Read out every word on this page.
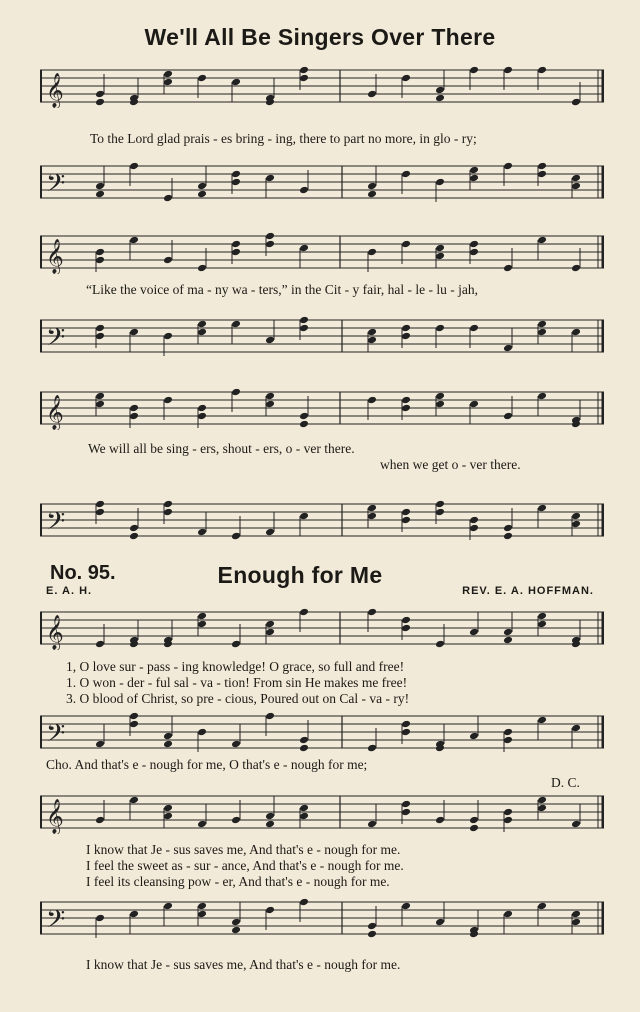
We'll All Be Singers Over There
𝄞
To the Lord glad prais - es bring - ing, there to part no more, in glo - ry;
𝄢
𝄞
“Like the voice of ma - ny wa - ters,” in the Cit - y fair, hal - le - lu - jah,
𝄢
𝄞
We will all be sing - ers, shout - ers, o - ver there.
when we get o - ver there.
𝄢
No. 95.	Enough for Me
E. A. H.	REV. E. A. HOFFMAN.
𝄞
1, O love sur - pass - ing knowledge! O grace, so full and free!
1. O won - der - ful sal - va - tion! From sin He makes me free!
3. O blood of Christ, so pre - cious, Poured out on Cal - va - ry!
𝄢
Cho. And that's e - nough for me, O that's e - nough for me;
D. C.
𝄞
I know that Je - sus saves me, And that's e - nough for me.
I feel the sweet as - sur - ance, And that's e - nough for me.
I feel its cleansing pow - er, And that's e - nough for me.
𝄢
I know that Je - sus saves me, And that's e - nough for me.
